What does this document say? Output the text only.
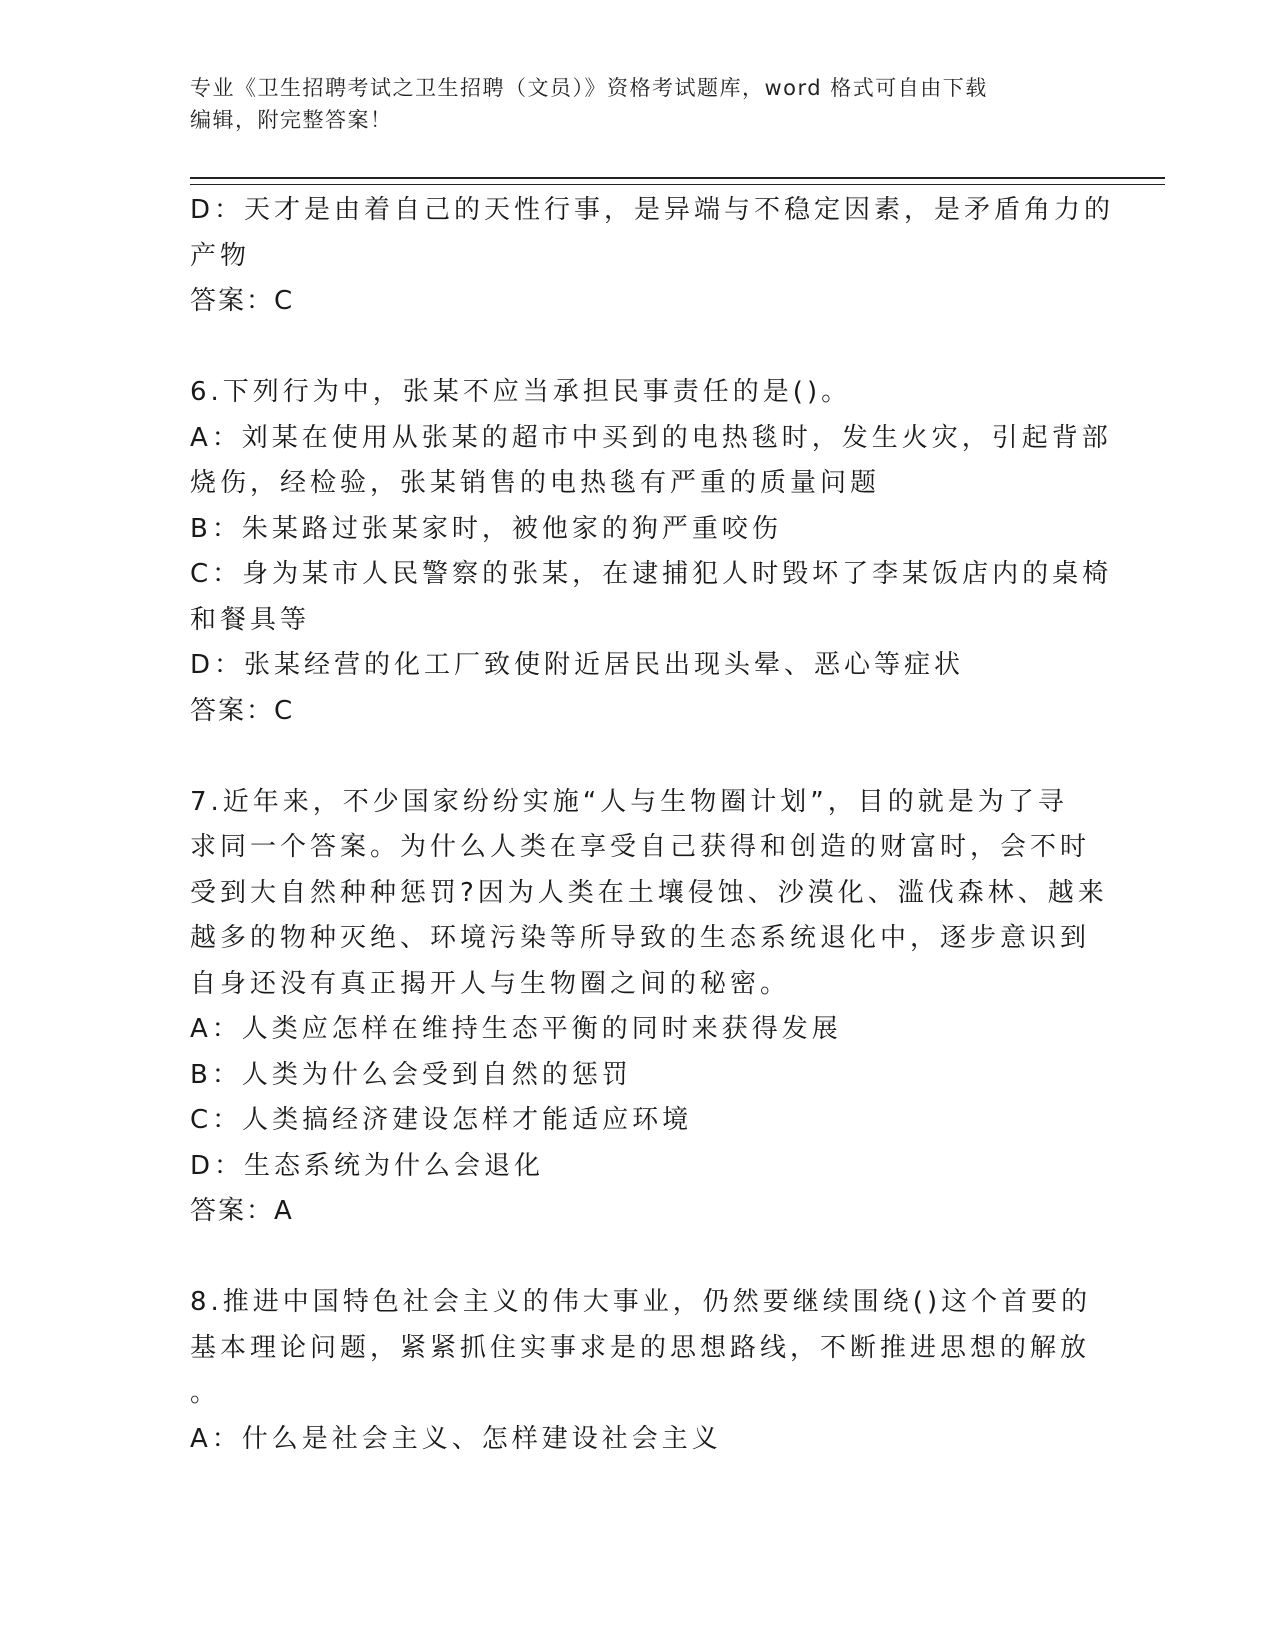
专业《卫生招聘考试之卫生招聘（文员）》资格考试题库，word 格式可自由下载
编辑，附完整答案！

D：天才是由着自己的天性行事，是异端与不稳定因素，是矛盾角力的

产物

答案：C

6.下列行为中，张某不应当承担民事责任的是()。

A：刘某在使用从张某的超市中买到的电热毯时，发生火灾，引起背部

烧伤，经检验，张某销售的电热毯有严重的质量问题

B：朱某路过张某家时，被他家的狗严重咬伤

C：身为某市人民警察的张某，在逮捕犯人时毁坏了李某饭店内的桌椅

和餐具等

D：张某经营的化工厂致使附近居民出现头晕、恶心等症状

答案：C

7.近年来，不少国家纷纷实施“人与生物圈计划”，目的就是为了寻

求同一个答案。为什么人类在享受自己获得和创造的财富时，会不时

受到大自然种种惩罚?因为人类在土壤侵蚀、沙漠化、滥伐森林、越来

越多的物种灭绝、环境污染等所导致的生态系统退化中，逐步意识到

自身还没有真正揭开人与生物圈之间的秘密。

A：人类应怎样在维持生态平衡的同时来获得发展

B：人类为什么会受到自然的惩罚

C：人类搞经济建设怎样才能适应环境

D：生态系统为什么会退化

答案：A

8.推进中国特色社会主义的伟大事业，仍然要继续围绕()这个首要的

基本理论问题，紧紧抓住实事求是的思想路线，不断推进思想的解放

。

A：什么是社会主义、怎样建设社会主义
